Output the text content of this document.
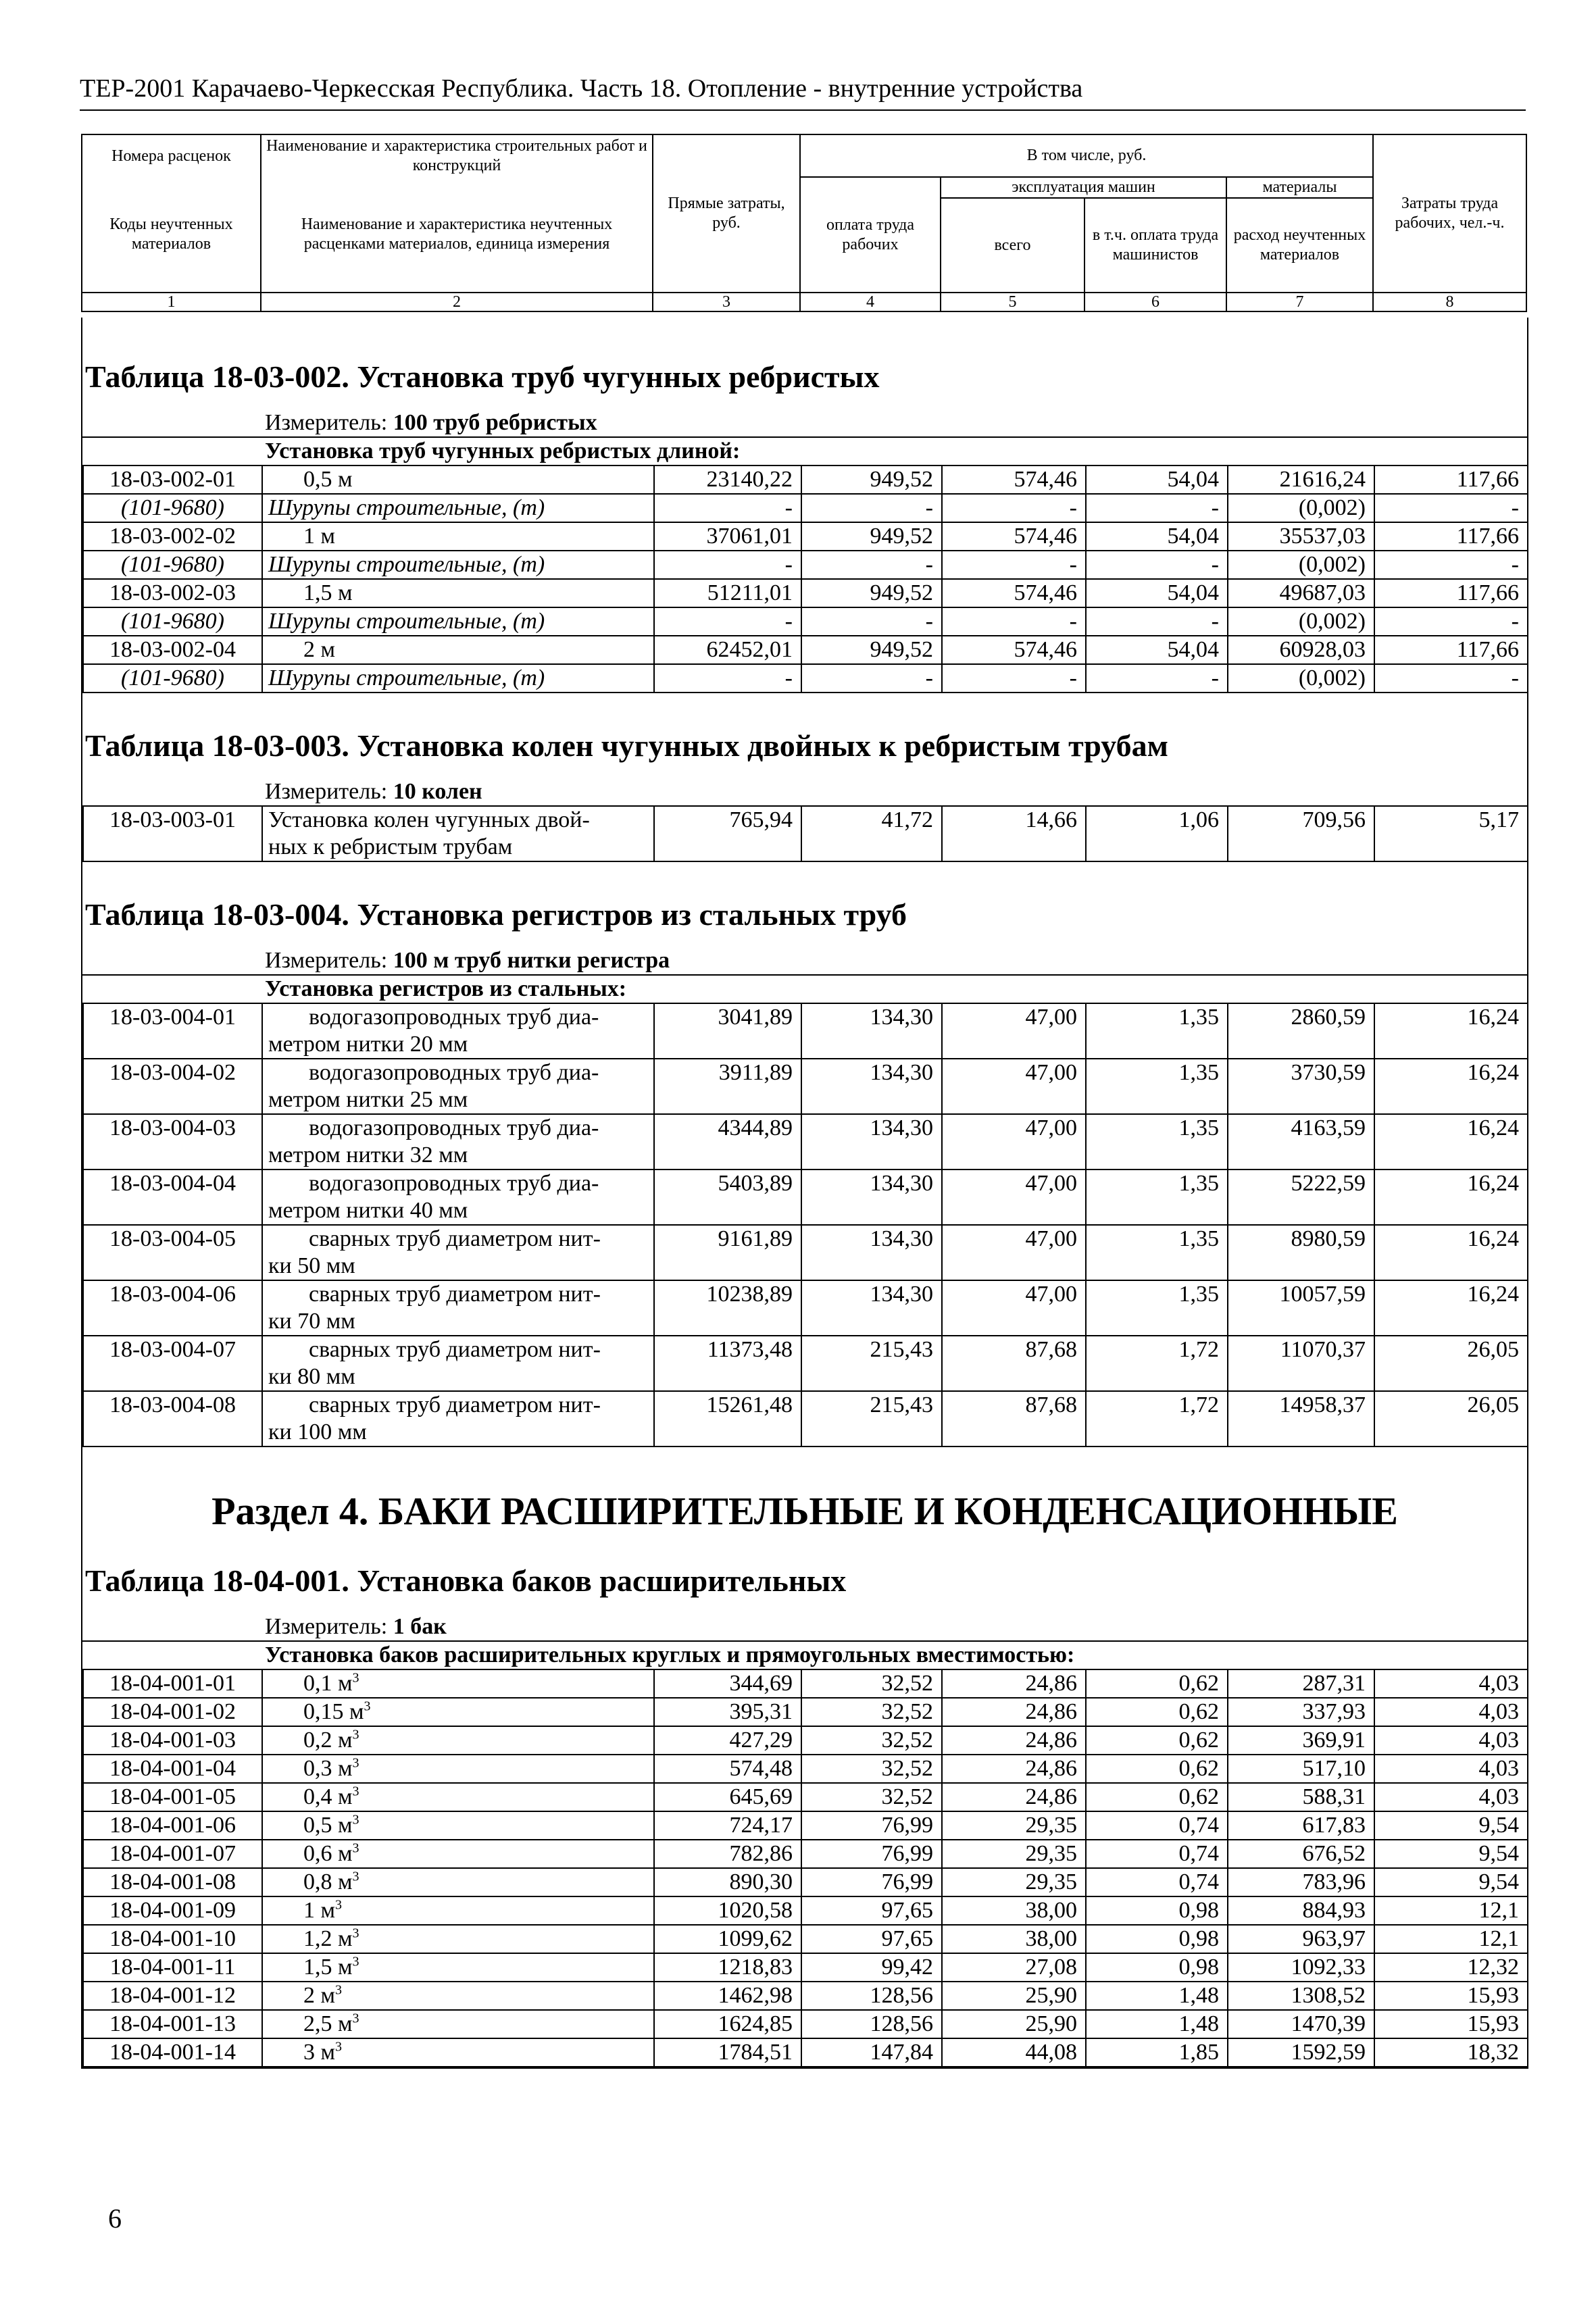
ТЕР-2001 Карачаево-Черкесская Республика. Часть 18. Отопление - внутренние устройства
Номера расценок	Наименование и характеристика строительных работ и конструкций	Прямые затраты, руб.	В том числе, руб.				Затраты труда рабочих, чел.-ч.
Коды неучтенных материалов	Наименование и характеристика неучтенных расценками материалов, единица измерения		оплата труда рабочих	эксплуатация машин		материалы	
				всего	в т.ч. оплата труда машинистов	расход неучтенных материалов	
1	2	3	4	5	6	7	8
Таблица 18-03-002. Установка труб чугунных ребристых
Измеритель: 100 труб ребристых
Установка труб чугунных ребристых длиной:
18-03-002-01	0,5 м	23140,22	949,52	574,46	54,04	21616,24	117,66
(101-9680)	Шурупы строительные, (т)	-	-	-	-	(0,002)	-
18-03-002-02	1 м	37061,01	949,52	574,46	54,04	35537,03	117,66
(101-9680)	Шурупы строительные, (т)	-	-	-	-	(0,002)	-
18-03-002-03	1,5 м	51211,01	949,52	574,46	54,04	49687,03	117,66
(101-9680)	Шурупы строительные, (т)	-	-	-	-	(0,002)	-
18-03-002-04	2 м	62452,01	949,52	574,46	54,04	60928,03	117,66
(101-9680)	Шурупы строительные, (т)	-	-	-	-	(0,002)	-
Таблица 18-03-003. Установка колен чугунных двойных к ребристым трубам
Измеритель: 10 колен
18-03-003-01	Установка колен чугунных двой-
ных к ребристым трубам
	765,94	41,72	14,66	1,06	709,56	5,17
Таблица 18-03-004. Установка регистров из стальных труб
Измеритель: 100 м труб нитки регистра
Установка регистров из стальных:
18-03-004-01	водогазопроводных труб диа-
метром нитки 20 мм	3041,89	134,30	47,00	1,35	2860,59	16,24
18-03-004-02	водогазопроводных труб диа-
метром нитки 25 мм	3911,89	134,30	47,00	1,35	3730,59	16,24
18-03-004-03	водогазопроводных труб диа-
метром нитки 32 мм	4344,89	134,30	47,00	1,35	4163,59	16,24
18-03-004-04	водогазопроводных труб диа-
метром нитки 40 мм	5403,89	134,30	47,00	1,35	5222,59	16,24
18-03-004-05	сварных труб диаметром нит-
ки 50 мм	9161,89	134,30	47,00	1,35	8980,59	16,24
18-03-004-06	сварных труб диаметром нит-
ки 70 мм	10238,89	134,30	47,00	1,35	10057,59	16,24
18-03-004-07	сварных труб диаметром нит-
ки 80 мм	11373,48	215,43	87,68	1,72	11070,37	26,05
18-03-004-08	сварных труб диаметром нит-
ки 100 мм	15261,48	215,43	87,68	1,72	14958,37	26,05
Раздел 4. БАКИ РАСШИРИТЕЛЬНЫЕ И КОНДЕНСАЦИОННЫЕ
Таблица 18-04-001. Установка баков расширительных
Измеритель: 1 бак
Установка баков расширительных круглых и прямоугольных вместимостью:
18-04-001-01	0,1 $м^3$	344,69	32,52	24,86	0,62	287,31	4,03
18-04-001-02	0,15 $м^3$	395,31	32,52	24,86	0,62	337,93	4,03
18-04-001-03	0,2 $м^3$	427,29	32,52	24,86	0,62	369,91	4,03
18-04-001-04	0,3 $м^3$	574,48	32,52	24,86	0,62	517,10	4,03
18-04-001-05	0,4 $м^3$	645,69	32,52	24,86	0,62	588,31	4,03
18-04-001-06	0,5 $м^3$	724,17	76,99	29,35	0,74	617,83	9,54
18-04-001-07	0,6 $м^3$	782,86	76,99	29,35	0,74	676,52	9,54
18-04-001-08	0,8 $м^3$	890,30	76,99	29,35	0,74	783,96	9,54
18-04-001-09	1 $м^3$	1020,58	97,65	38,00	0,98	884,93	12,1
18-04-001-10	1,2 $м^3$	1099,62	97,65	38,00	0,98	963,97	12,1
18-04-001-11	1,5 $м^3$	1218,83	99,42	27,08	0,98	1092,33	12,32
18-04-001-12	2 $м^3$	1462,98	128,56	25,90	1,48	1308,52	15,93
18-04-001-13	2,5 $м^3$	1624,85	128,56	25,90	1,48	1470,39	15,93
18-04-001-14	3 $м^3$	1784,51	147,84	44,08	1,85	1592,59	18,32
6
